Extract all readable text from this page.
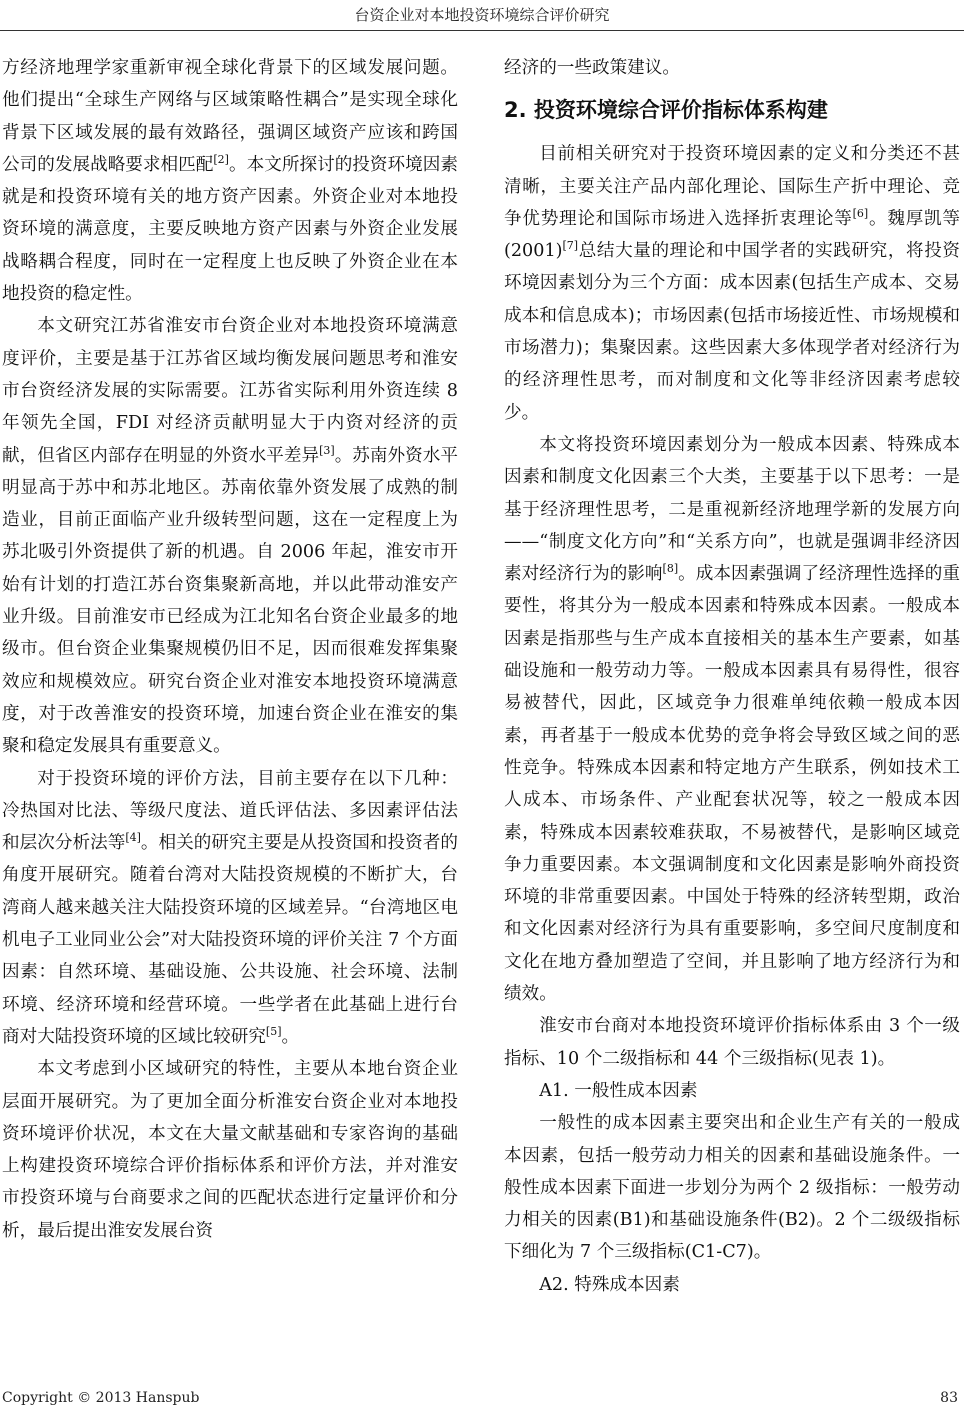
台资企业对本地投资环境综合评价研究

方经济地理学家重新审视全球化背景下的区域发展问题。他们提出“全球生产网络与区域策略性耦合”是实现全球化背景下区域发展的最有效路径，强调区域资产应该和跨国公司的发展战略要求相匹配[2]。本文所探讨的投资环境因素就是和投资环境有关的地方资产因素。外资企业对本地投资环境的满意度，主要反映地方资产因素与外资企业发展战略耦合程度，同时在一定程度上也反映了外资企业在本地投资的稳定性。

本文研究江苏省淮安市台资企业对本地投资环境满意度评价，主要是基于江苏省区域均衡发展问题思考和淮安市台资经济发展的实际需要。江苏省实际利用外资连续 8 年领先全国，FDI 对经济贡献明显大于内资对经济的贡献，但省区内部存在明显的外资水平差异[3]。苏南外资水平明显高于苏中和苏北地区。苏南依靠外资发展了成熟的制造业，目前正面临产业升级转型问题，这在一定程度上为苏北吸引外资提供了新的机遇。自 2006 年起，淮安市开始有计划的打造江苏台资集聚新高地，并以此带动淮安产业升级。目前淮安市已经成为江北知名台资企业最多的地级市。但台资企业集聚规模仍旧不足，因而很难发挥集聚效应和规模效应。研究台资企业对淮安本地投资环境满意度，对于改善淮安的投资环境，加速台资企业在淮安的集聚和稳定发展具有重要意义。

对于投资环境的评价方法，目前主要存在以下几种：冷热国对比法、等级尺度法、道氏评估法、多因素评估法和层次分析法等[4]。相关的研究主要是从投资国和投资者的角度开展研究。随着台湾对大陆投资规模的不断扩大，台湾商人越来越关注大陆投资环境的区域差异。“台湾地区电机电子工业同业公会”对大陆投资环境的评价关注 7 个方面因素：自然环境、基础设施、公共设施、社会环境、法制环境、经济环境和经营环境。一些学者在此基础上进行台商对大陆投资环境的区域比较研究[5]。

本文考虑到小区域研究的特性，主要从本地台资企业层面开展研究。为了更加全面分析淮安台资企业对本地投资环境评价状况，本文在大量文献基础和专家咨询的基础上构建投资环境综合评价指标体系和评价方法，并对淮安市投资环境与台商要求之间的匹配状态进行定量评价和分析，最后提出淮安发展台资

经济的一些政策建议。

2. 投资环境综合评价指标体系构建

目前相关研究对于投资环境因素的定义和分类还不甚清晰，主要关注产品内部化理论、国际生产折中理论、竞争优势理论和国际市场进入选择折衷理论等[6]。魏厚凯等(2001)[7]总结大量的理论和中国学者的实践研究，将投资环境因素划分为三个方面：成本因素(包括生产成本、交易成本和信息成本)；市场因素(包括市场接近性、市场规模和市场潜力)；集聚因素。这些因素大多体现学者对经济行为的经济理性思考，而对制度和文化等非经济因素考虑较少。

本文将投资环境因素划分为一般成本因素、特殊成本因素和制度文化因素三个大类，主要基于以下思考：一是基于经济理性思考，二是重视新经济地理学新的发展方向——“制度文化方向”和“关系方向”，也就是强调非经济因素对经济行为的影响[8]。成本因素强调了经济理性选择的重要性，将其分为一般成本因素和特殊成本因素。一般成本因素是指那些与生产成本直接相关的基本生产要素，如基础设施和一般劳动力等。一般成本因素具有易得性，很容易被替代，因此，区域竞争力很难单纯依赖一般成本因素，再者基于一般成本优势的竞争将会导致区域之间的恶性竞争。特殊成本因素和特定地方产生联系，例如技术工人成本、市场条件、产业配套状况等，较之一般成本因素，特殊成本因素较难获取，不易被替代，是影响区域竞争力重要因素。本文强调制度和文化因素是影响外商投资环境的非常重要因素。中国处于特殊的经济转型期，政治和文化因素对经济行为具有重要影响，多空间尺度制度和文化在地方叠加塑造了空间，并且影响了地方经济行为和绩效。

淮安市台商对本地投资环境评价指标体系由 3 个一级指标、10 个二级指标和 44 个三级指标(见表 1)。

A1. 一般性成本因素

一般性的成本因素主要突出和企业生产有关的一般成本因素，包括一般劳动力相关的因素和基础设施条件。一般性成本因素下面进一步划分为两个 2 级指标：一般劳动力相关的因素(B1)和基础设施条件(B2)。2 个二级级指标下细化为 7 个三级指标(C1-C7)。

A2. 特殊成本因素

Copyright © 2013 Hanspub	83
